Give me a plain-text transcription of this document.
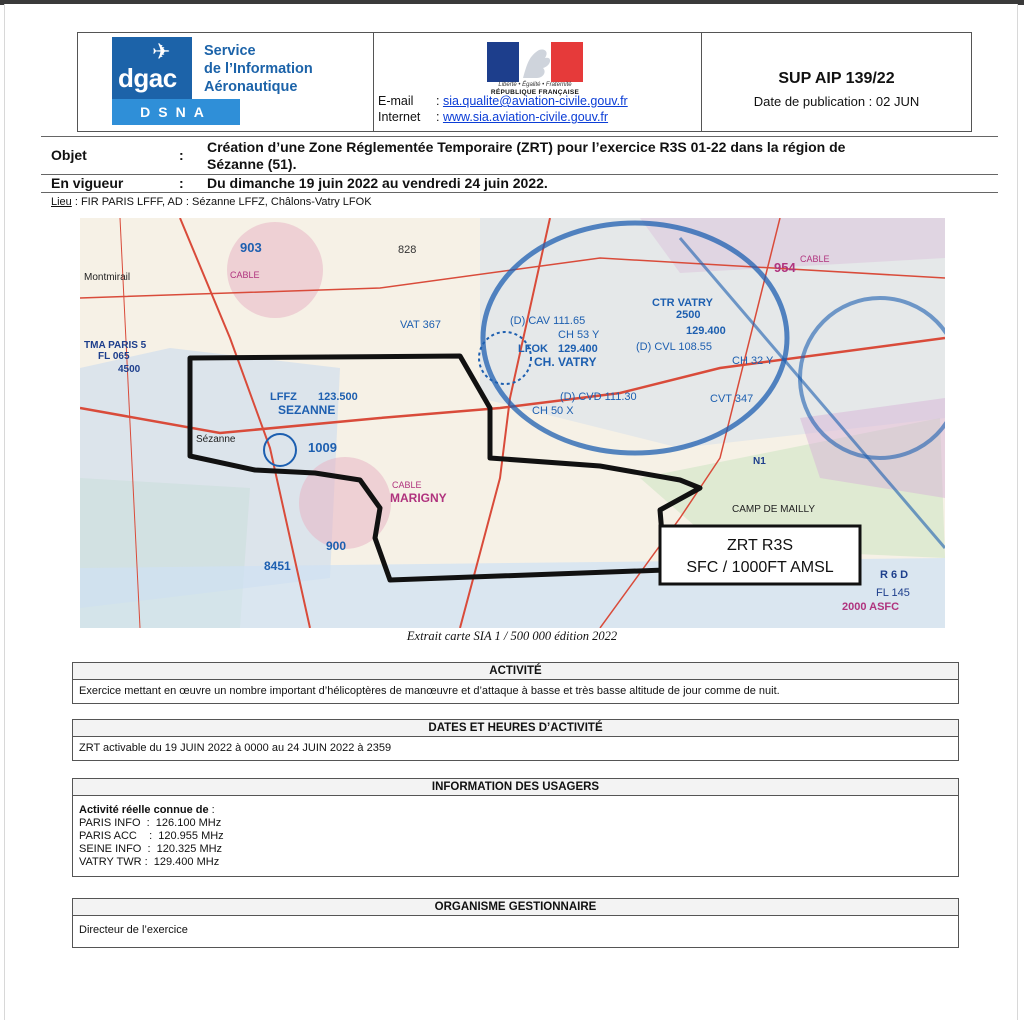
✈
dgac
DSNA
Service
de l’Information
Aéronautique	Liberté • Égalité • Fraternité
RÉPUBLIQUE FRANÇAISE
E-mail : sia.qualite@aviation-civile.gouv.fr
Internet : www.sia.aviation-civile.gouv.fr
SUP AIP 139/22
Date de publication : 02 JUN
Objet	: Création d’une Zone Réglementée Temporaire (ZRT) pour l’exercice R3S 01-22 dans la région de
Sézanne (51).
En vigueur	: Du dimanche 19 juin 2022 au vendredi 24 juin 2022.
Lieu : FIR PARIS LFFF, AD : Sézanne LFFZ, Châlons-Vatry LFOK
Montmirail
TMA PARIS 5
FL 065
4500
903
CABLE
828
VAT 367
LFFZ 123.500
SEZANNE
Sézanne
1009
MARIGNY
CABLE
900
8451
(D) CAV 111.65
CH 53 Y
LFOK 129.400
CH. VATRY
(D) CVD 111.30
CH 50 X
CTR VATRY
2500
129.400
(D) CVL 108.55
CH 32 Y
CVT 347
954
CABLE
N1
CAMP DE MAILLY
R 6 D
FL 145
2000 ASFC
ZRT R3S
SFC / 1000FT AMSL
Extrait carte SIA 1 / 500 000 édition 2022
ACTIVITÉ
Exercice mettant en œuvre un nombre important d’hélicoptères de manœuvre et d’attaque à basse et très basse altitude de jour comme de nuit.
DATES ET HEURES D’ACTIVITÉ
ZRT activable du 19 JUIN 2022 à 0000 au 24 JUIN 2022 à 2359
INFORMATION DES USAGERS
Activité réelle connue de :
PARIS INFO  :  126.100 MHz
PARIS ACC    :  120.955 MHz
SEINE INFO  :  120.325 MHz
VATRY TWR :  129.400 MHz
ORGANISME GESTIONNAIRE
Directeur de l’exercice
